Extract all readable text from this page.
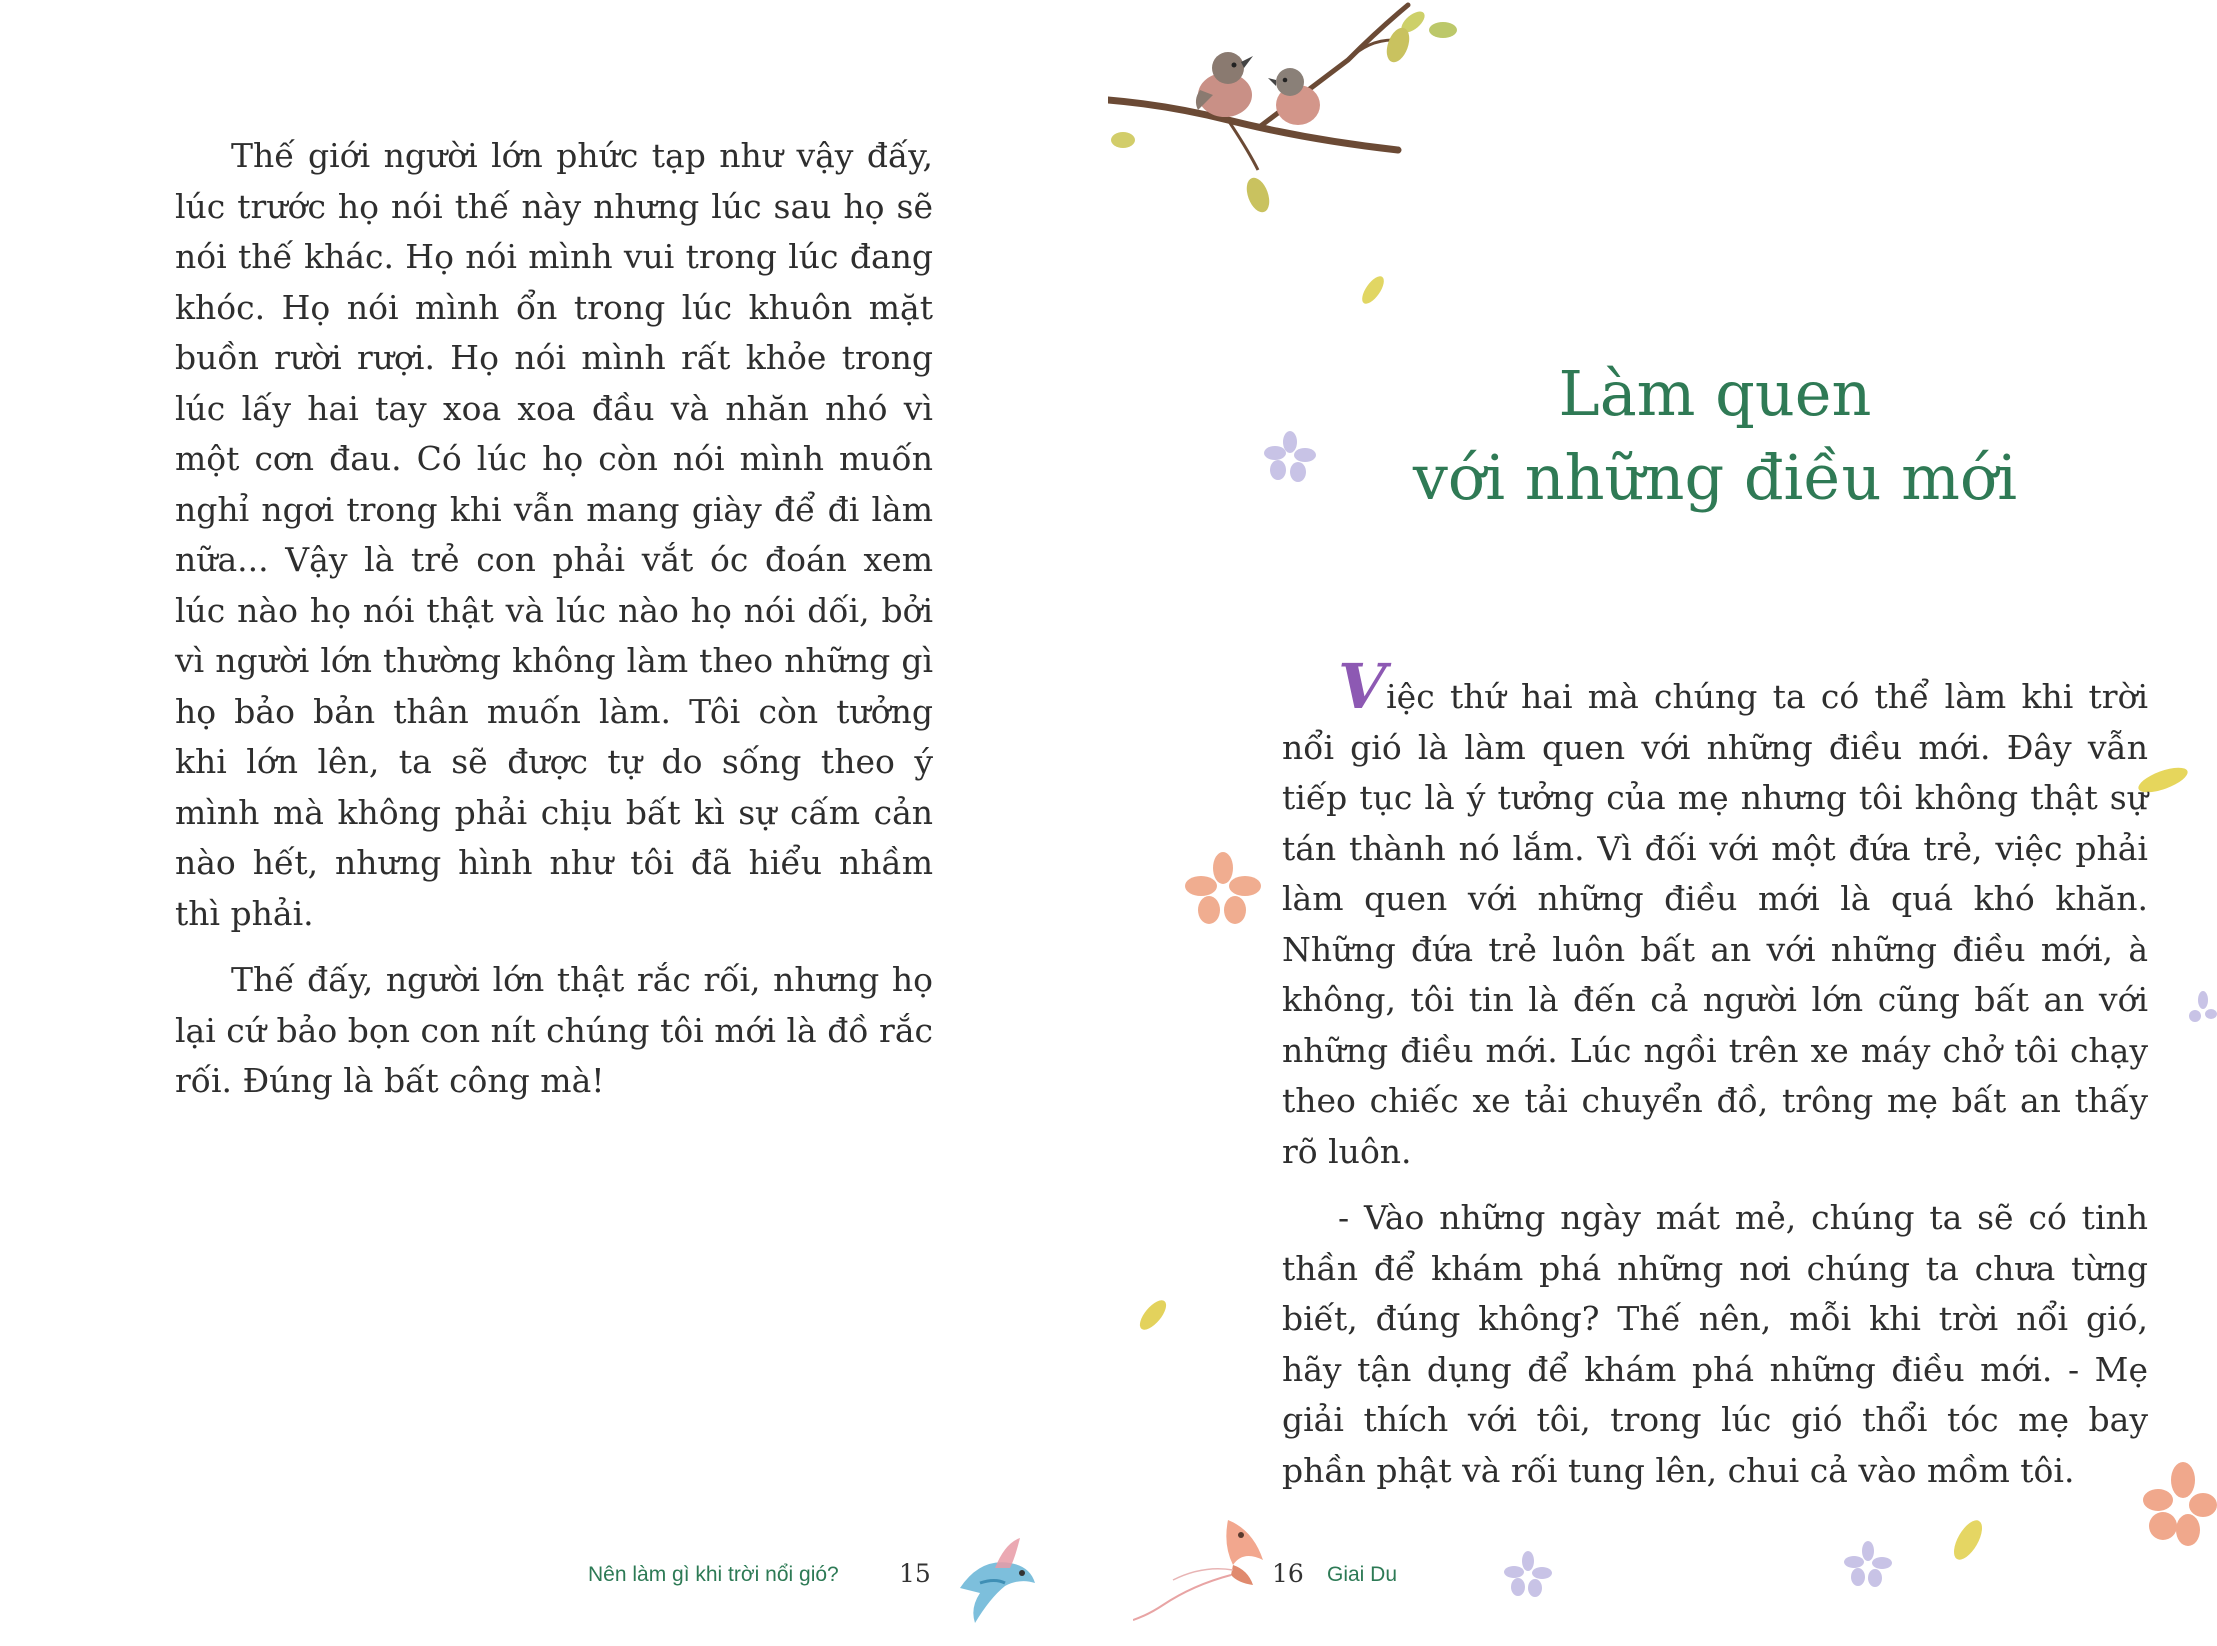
Thế giới người lớn phức tạp như vậy đấy, lúc trước họ nói thế này nhưng lúc sau họ sẽ nói thế khác. Họ nói mình vui trong lúc đang khóc. Họ nói mình ổn trong lúc khuôn mặt buồn rười rượi. Họ nói mình rất khỏe trong lúc lấy hai tay xoa xoa đầu và nhăn nhó vì một cơn đau. Có lúc họ còn nói mình muốn nghỉ ngơi trong khi vẫn mang giày để đi làm nữa... Vậy là trẻ con phải vắt óc đoán xem lúc nào họ nói thật và lúc nào họ nói dối, bởi vì người lớn thường không làm theo những gì họ bảo bản thân muốn làm. Tôi còn tưởng khi lớn lên, ta sẽ được tự do sống theo ý mình mà không phải chịu bất kì sự cấm cản nào hết, nhưng hình như tôi đã hiểu nhầm thì phải.

Thế đấy, người lớn thật rắc rối, nhưng họ lại cứ bảo bọn con nít chúng tôi mới là đồ rắc rối. Đúng là bất công mà!

Nên làm gì khi trời nổi gió? 15
Làm quen
với những điều mới

Việc thứ hai mà chúng ta có thể làm khi trời nổi gió là làm quen với những điều mới. Đây vẫn tiếp tục là ý tưởng của mẹ nhưng tôi không thật sự tán thành nó lắm. Vì đối với một đứa trẻ, việc phải làm quen với những điều mới là quá khó khăn. Những đứa trẻ luôn bất an với những điều mới, à không, tôi tin là đến cả người lớn cũng bất an với những điều mới. Lúc ngồi trên xe máy chở tôi chạy theo chiếc xe tải chuyển đồ, trông mẹ bất an thấy rõ luôn.

- Vào những ngày mát mẻ, chúng ta sẽ có tinh thần để khám phá những nơi chúng ta chưa từng biết, đúng không? Thế nên, mỗi khi trời nổi gió, hãy tận dụng để khám phá những điều mới. - Mẹ giải thích với tôi, trong lúc gió thổi tóc mẹ bay phần phật và rối tung lên, chui cả vào mồm tôi.

16 Giai Du
